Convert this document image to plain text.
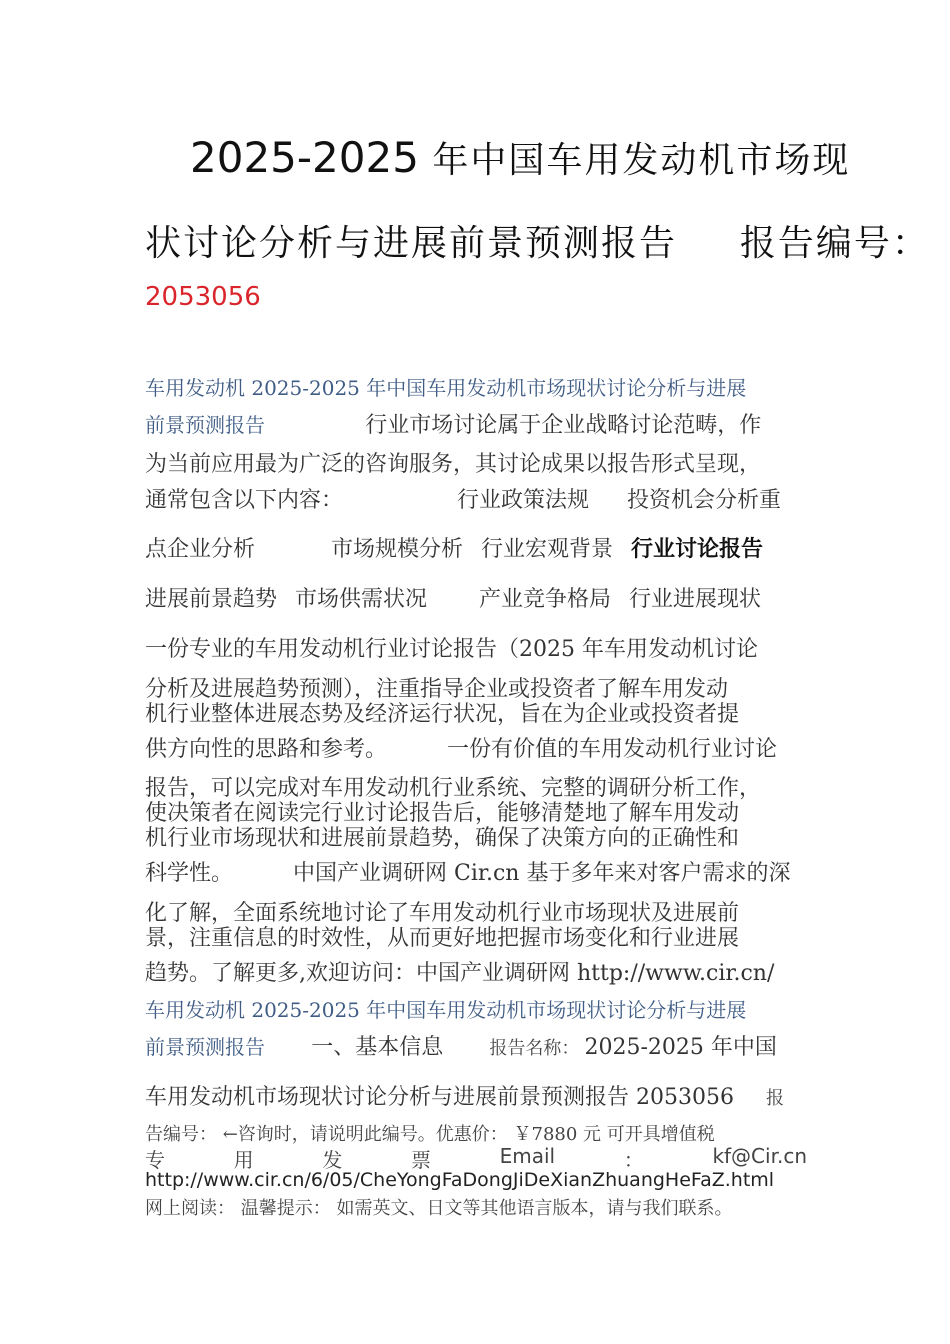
2025-2025 年中国车用发动机市场现
状讨论分析与进展前景预测报告 报告编号：
2053056
车用发动机 2025-2025 年中国车用发动机市场现状讨论分析与进展
前景预测报告	行业市场讨论属于企业战略讨论范畴，作
为当前应用最为广泛的咨询服务，其讨论成果以报告形式呈现，
通常包含以下内容：	行业政策法规 投资机会分析重
点企业分析	市场规模分析 行业宏观背景 行业讨论报告
进展前景趋势 市场供需状况 产业竞争格局 行业进展现状
一份专业的车用发动机行业讨论报告（2025 年车用发动机讨论
分析及进展趋势预测），注重指导企业或投资者了解车用发动
机行业整体进展态势及经济运行状况，旨在为企业或投资者提
供方向性的思路和参考。	一份有价值的车用发动机行业讨论
报告，可以完成对车用发动机行业系统、完整的调研分析工作，
使决策者在阅读完行业讨论报告后，能够清楚地了解车用发动
机行业市场现状和进展前景趋势，确保了决策方向的正确性和
科学性。	中国产业调研网 Cir.cn 基于多年来对客户需求的深
化了解，全面系统地讨论了车用发动机行业市场现状及进展前
景，注重信息的时效性，从而更好地把握市场变化和行业进展
趋势。了解更多,欢迎访问：中国产业调研网 http://www.cir.cn/
车用发动机 2025-2025 年中国车用发动机市场现状讨论分析与进展
前景预测报告 一、基本信息	报告名称： 2025-2025 年中国
车用发动机市场现状讨论分析与进展前景预测报告 2053056 报
告编号： ←咨询时，请说明此编号。优惠价： ￥7880 元 可开具增值税
专	用	发	票	Email	：	kf@Cir.cn
http://www.cir.cn/6/05/CheYongFaDongJiDeXianZhuangHeFaZ.html
网上阅读： 温馨提示： 如需英文、日文等其他语言版本，请与我们联系。
